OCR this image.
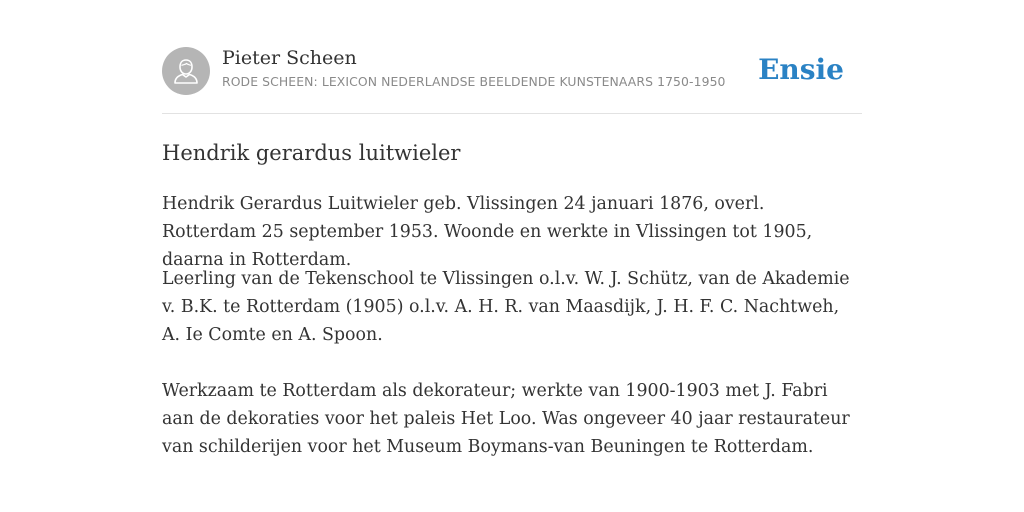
Pieter Scheen
RODE SCHEEN: LEXICON NEDERLANDSE BEELDENDE KUNSTENAARS 1750-1950 Ensie
Hendrik gerardus luitwieler

Hendrik Gerardus Luitwieler geb. Vlissingen 24 januari 1876, overl. Rotterdam 25 september 1953. Woonde en werkte in Vlissingen tot 1905, daarna in Rotterdam.

Leerling van de Tekenschool te Vlissingen o.l.v. W. J. Schütz, van de Akademie v. B.K. te Rotterdam (1905) o.l.v. A. H. R. van Maasdijk, J. H. F. C. Nachtweh, A. Ie Comte en A. Spoon.

Werkzaam te Rotterdam als dekorateur; werkte van 1900-1903 met J. Fabri aan de dekoraties voor het paleis Het Loo. Was ongeveer 40 jaar restaurateur van schilderijen voor het Museum Boymans-van Beuningen te Rotterdam.
